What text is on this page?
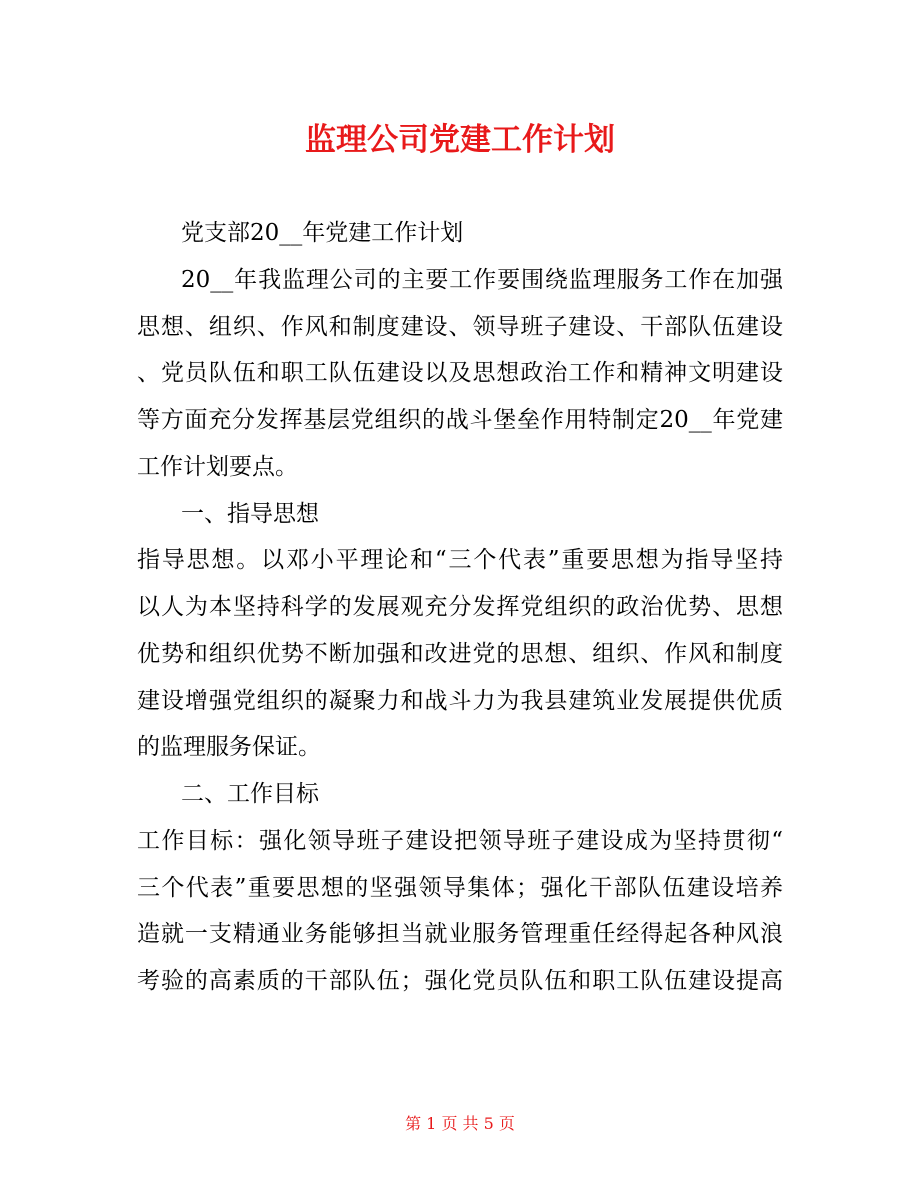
监理公司党建工作计划
党支部20__年党建工作计划
20__年我监理公司的主要工作要围绕监理服务工作在加强
思想、组织、作风和制度建设、领导班子建设、干部队伍建设
、党员队伍和职工队伍建设以及思想政治工作和精神文明建设
等方面充分发挥基层党组织的战斗堡垒作用特制定20__年党建
工作计划要点。
一、指导思想
指导思想。以邓小平理论和“三个代表”重要思想为指导坚持
以人为本坚持科学的发展观充分发挥党组织的政治优势、思想
优势和组织优势不断加强和改进党的思想、组织、作风和制度
建设增强党组织的凝聚力和战斗力为我县建筑业发展提供优质
的监理服务保证。
二、工作目标
工作目标：强化领导班子建设把领导班子建设成为坚持贯彻“
三个代表”重要思想的坚强领导集体；强化干部队伍建设培养
造就一支精通业务能够担当就业服务管理重任经得起各种风浪
考验的高素质的干部队伍；强化党员队伍和职工队伍建设提高
第 1 页 共 5 页
